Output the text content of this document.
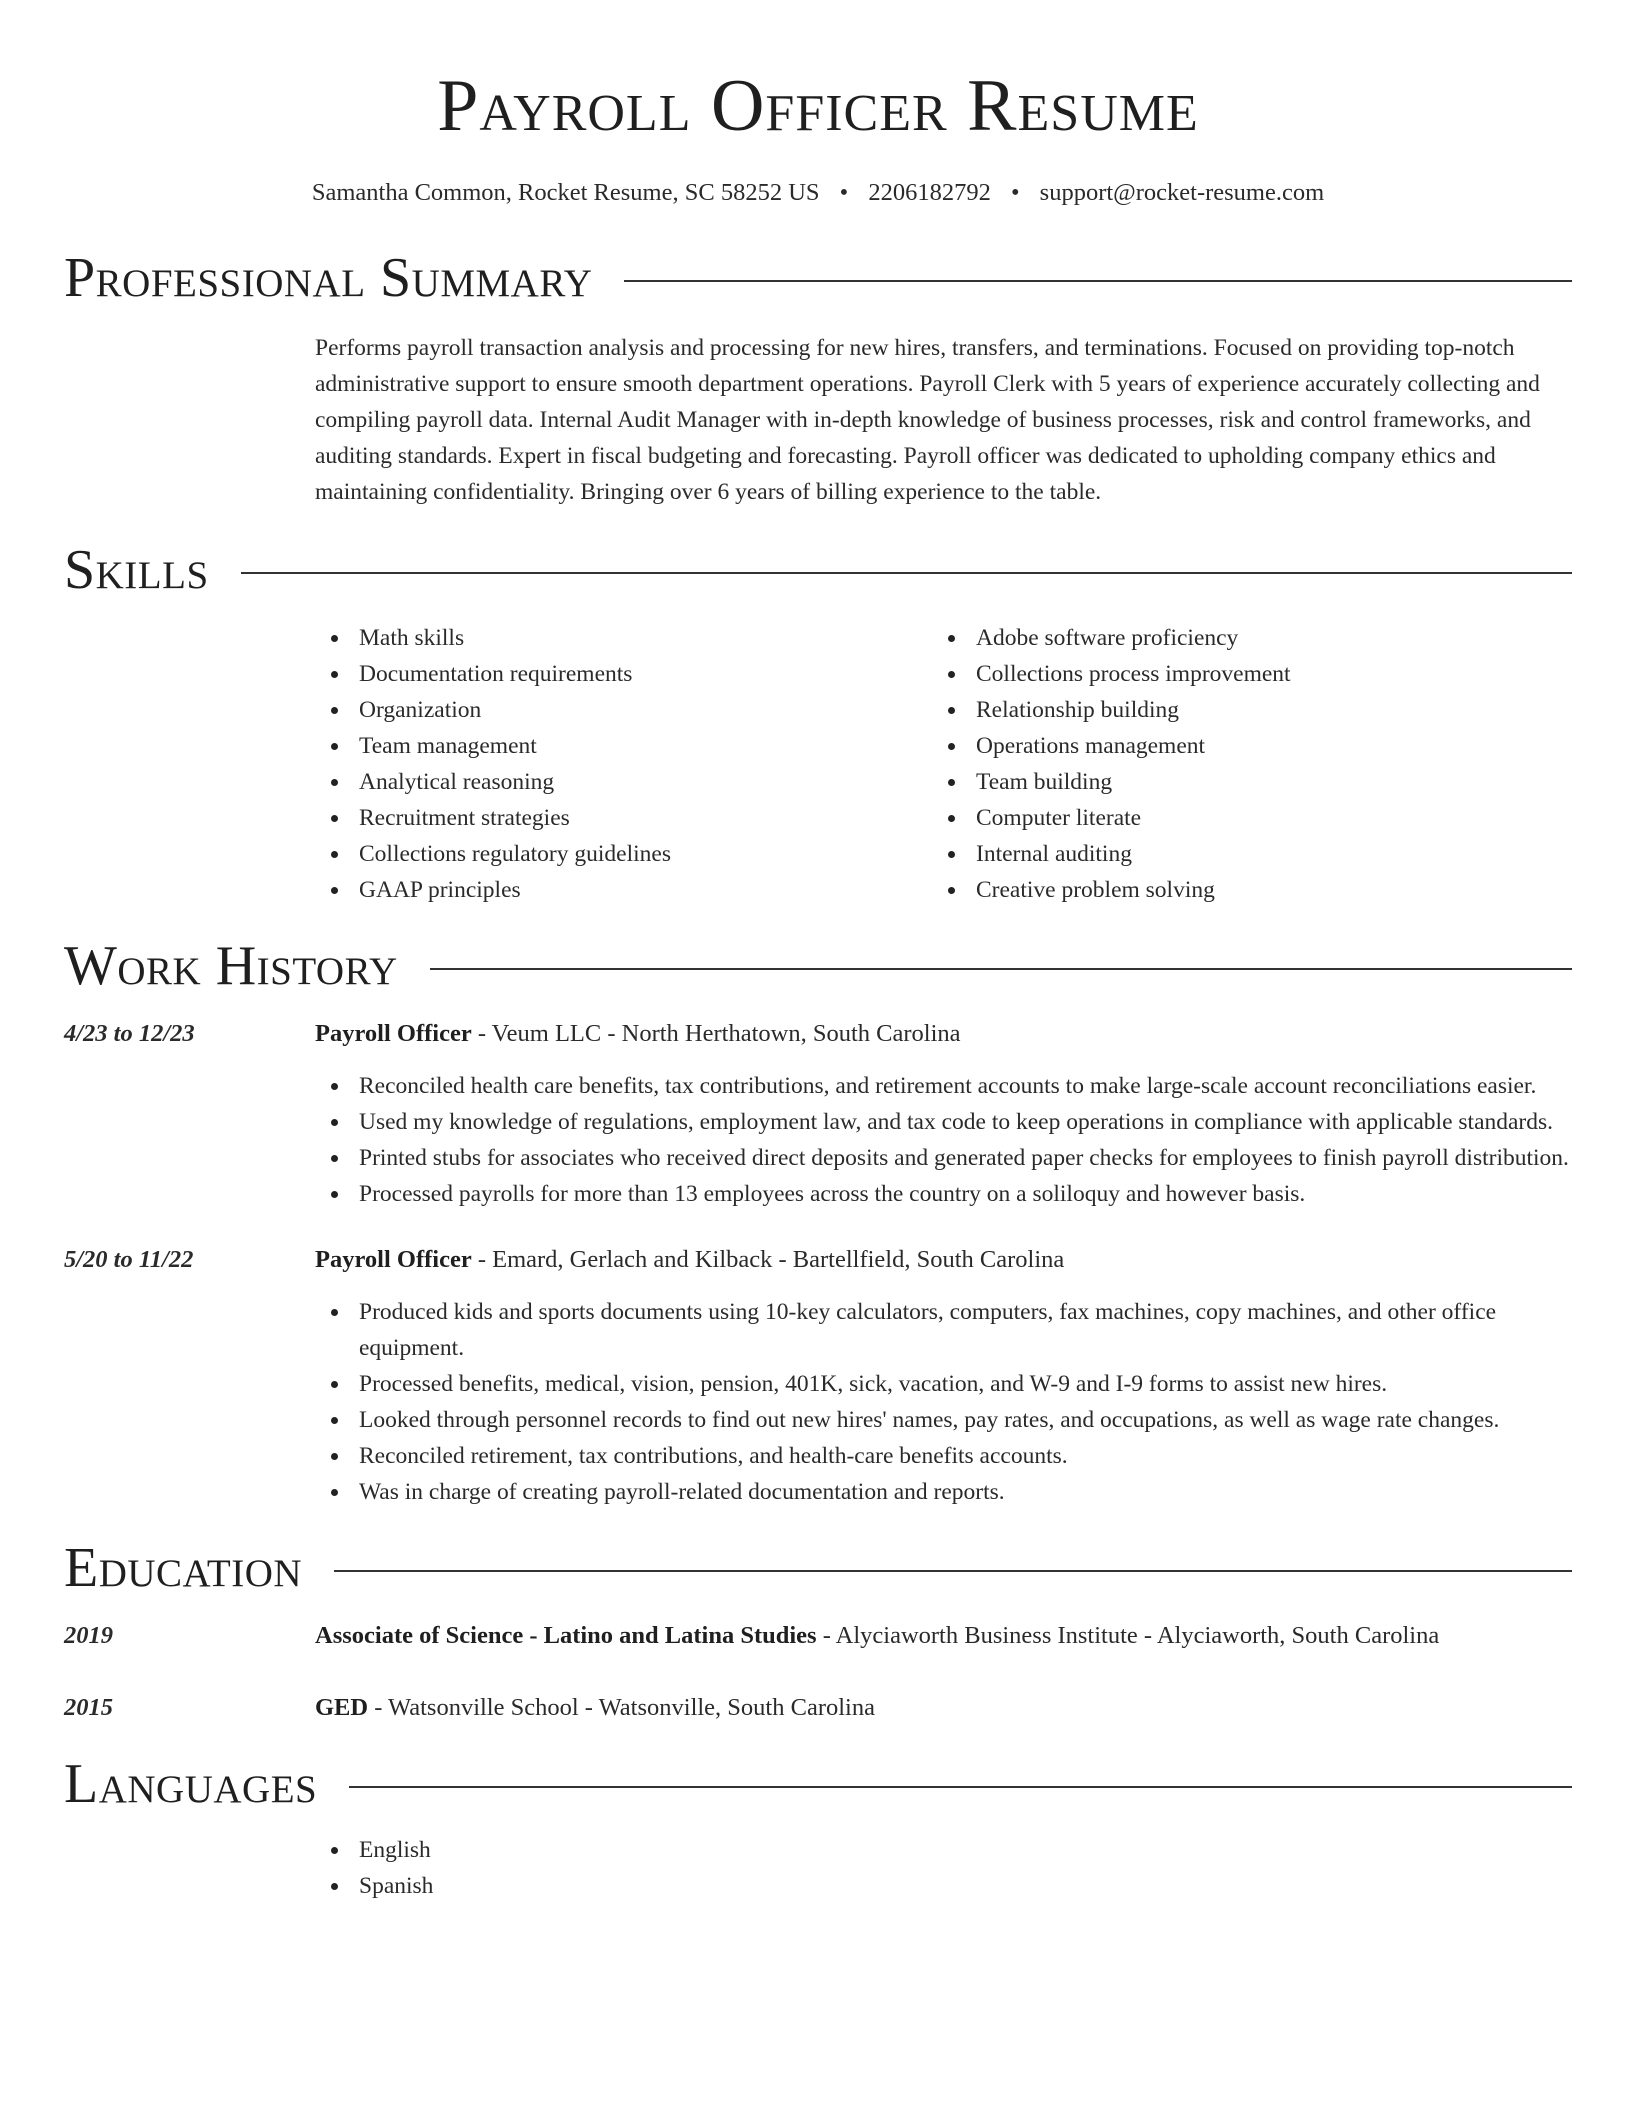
Payroll Officer Resume
Samantha Common, Rocket Resume, SC 58252 US • 2206182792 • support@rocket-resume.com
Professional Summary

Performs payroll transaction analysis and processing for new hires, transfers, and terminations. Focused on providing top-notch administrative support to ensure smooth department operations. Payroll Clerk with 5 years of experience accurately collecting and compiling payroll data. Internal Audit Manager with in-depth knowledge of business processes, risk and control frameworks, and auditing standards. Expert in fiscal budgeting and forecasting. Payroll officer was dedicated to upholding company ethics and maintaining confidentiality. Bringing over 6 years of billing experience to the table.

Skills
Math skills
Documentation requirements
Organization
Team management
Analytical reasoning
Recruitment strategies
Collections regulatory guidelines
GAAP principles
Adobe software proficiency
Collections process improvement
Relationship building
Operations management
Team building
Computer literate
Internal auditing
Creative problem solving
Work History
4/23 to 12/23	Payroll Officer - Veum LLC - North Herthatown, South Carolina
Reconciled health care benefits, tax contributions, and retirement accounts to make large-scale account reconciliations easier.
Used my knowledge of regulations, employment law, and tax code to keep operations in compliance with applicable standards.
Printed stubs for associates who received direct deposits and generated paper checks for employees to finish payroll distribution.
Processed payrolls for more than 13 employees across the country on a soliloquy and however basis.
5/20 to 11/22	Payroll Officer - Emard, Gerlach and Kilback - Bartellfield, South Carolina
Produced kids and sports documents using 10-key calculators, computers, fax machines, copy machines, and other office equipment.
Processed benefits, medical, vision, pension, 401K, sick, vacation, and W-9 and I-9 forms to assist new hires.
Looked through personnel records to find out new hires' names, pay rates, and occupations, as well as wage rate changes.
Reconciled retirement, tax contributions, and health-care benefits accounts.
Was in charge of creating payroll-related documentation and reports.
Education
2019	Associate of Science - Latino and Latina Studies - Alyciaworth Business Institute - Alyciaworth, South Carolina
2015	GED - Watsonville School - Watsonville, South Carolina
Languages
English
Spanish
